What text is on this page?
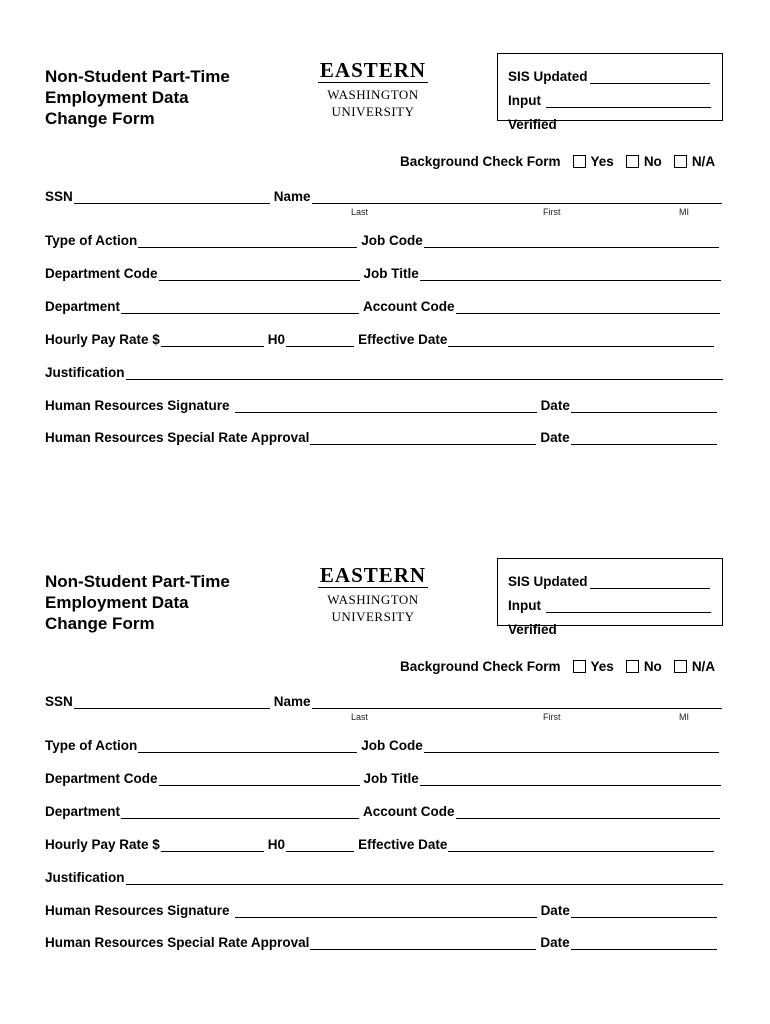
Non-Student Part-Time
Employment Data
Change Form
EASTERN
WASHINGTON
UNIVERSITY
SIS Updated
Input
Verified
Background Check Form Yes No N/A
SSN	Name
Last	First	MI
Type of Action	Job Code
Department Code	Job Title
Department	Account Code
Hourly Pay Rate $	H0	Effective Date
Justification
Human Resources Signature	Date
Human Resources Special Rate Approval	Date
Non-Student Part-Time
Employment Data
Change Form
EASTERN
WASHINGTON
UNIVERSITY
SIS Updated
Input
Verified
Background Check Form Yes No N/A
SSN	Name
Last	First	MI
Type of Action	Job Code
Department Code	Job Title
Department	Account Code
Hourly Pay Rate $	H0	Effective Date
Justification
Human Resources Signature	Date
Human Resources Special Rate Approval	Date
